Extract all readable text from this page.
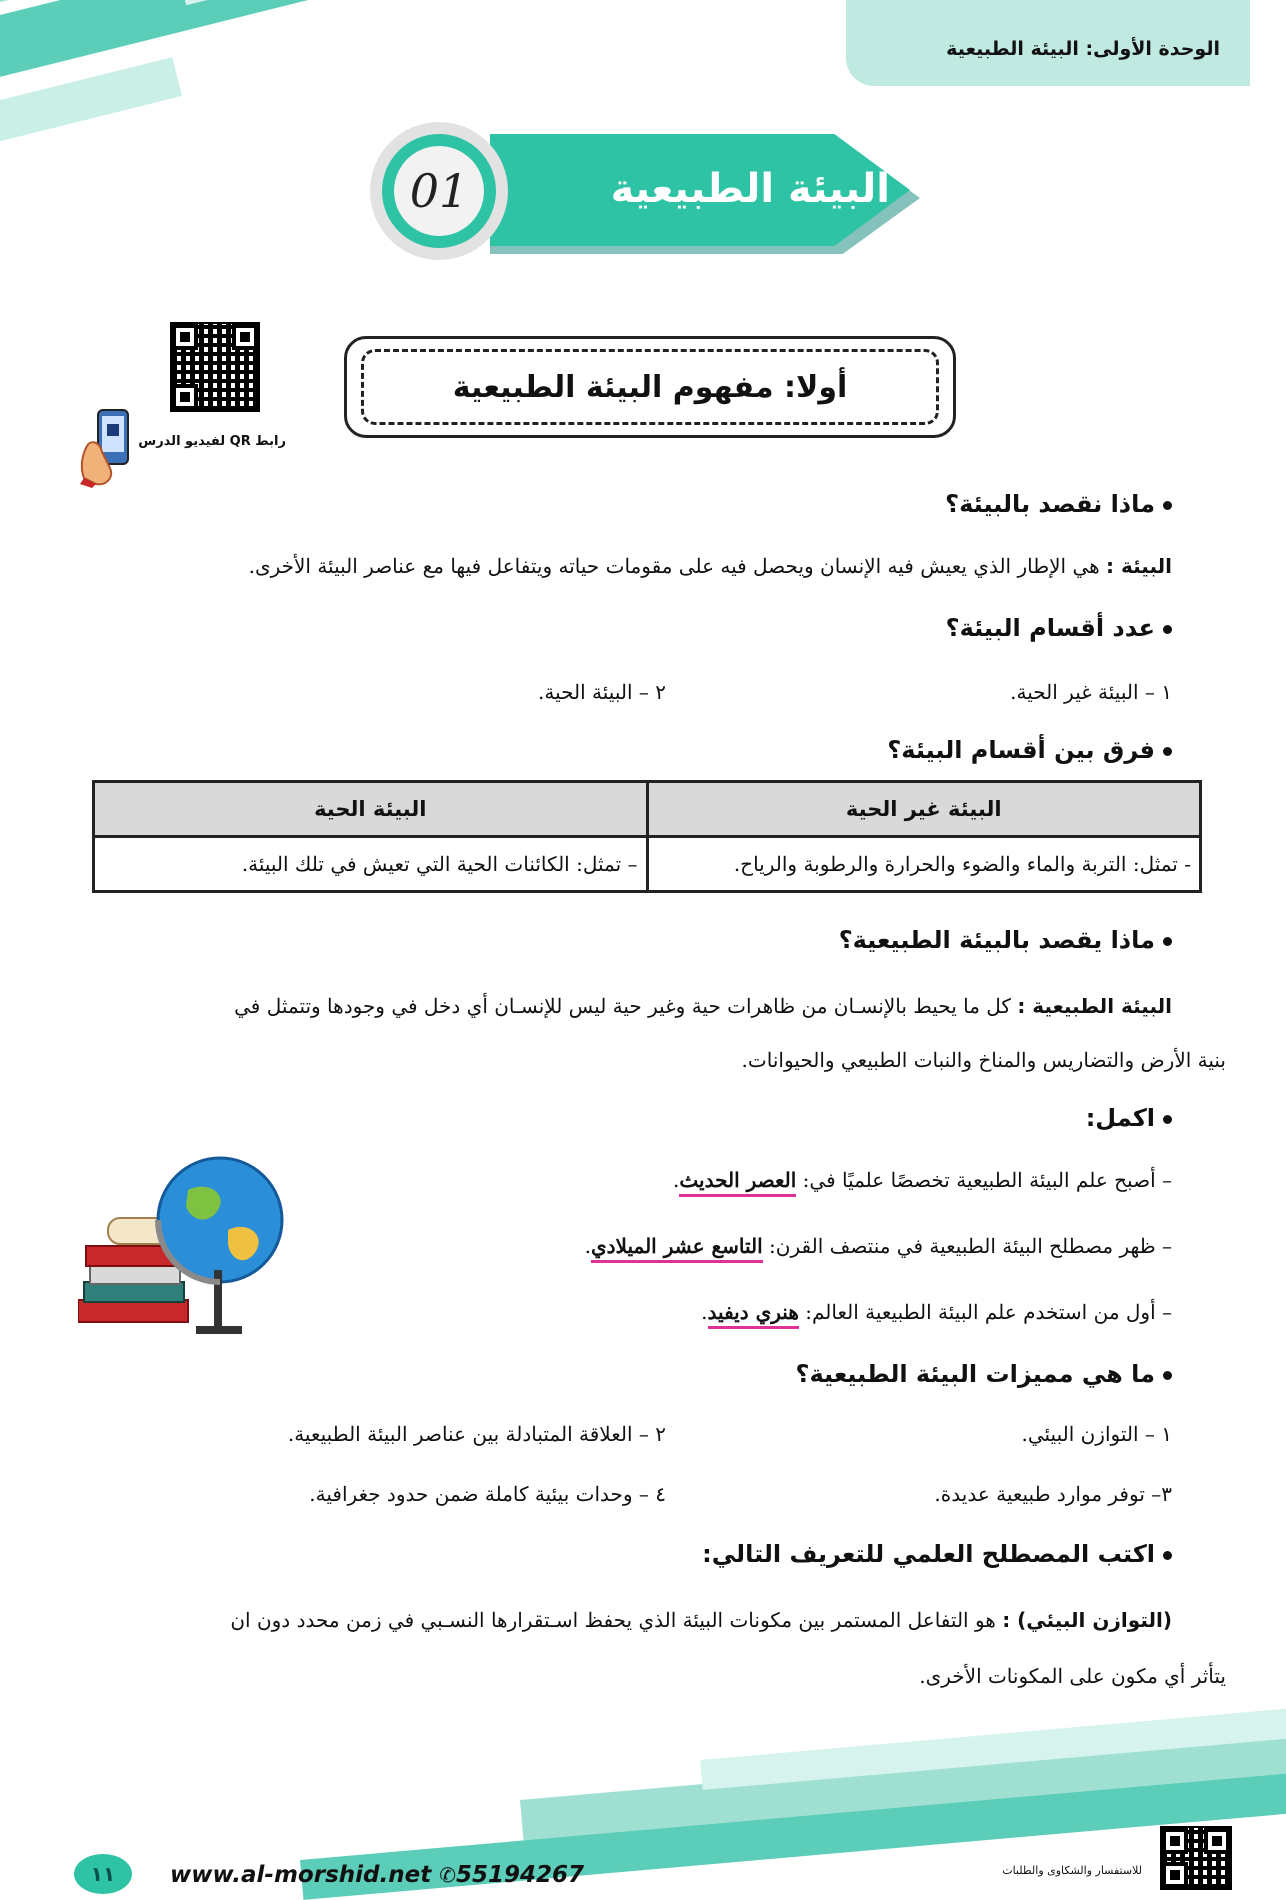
الوحدة الأولى: البيئة الطبيعية
البيئة الطبيعية
01
رابط QR لفيديو الدرس
أولا: مفهوم البيئة الطبيعية
ماذا نقصد بالبيئة؟
البيئة : هي الإطار الذي يعيش فيه الإنسان ويحصل فيه على مقومات حياته ويتفاعل فيها مع عناصر البيئة الأخرى.
عدد أقسام البيئة؟
١ – البيئة غير الحية.
٢ – البيئة الحية.
فرق بين أقسام البيئة؟
البيئة غير الحية	البيئة الحية
- تمثل: التربة والماء والضوء والحرارة والرطوبة والرياح.	– تمثل: الكائنات الحية التي تعيش في تلك البيئة.
ماذا يقصد بالبيئة الطبيعية؟
البيئة الطبيعية : كل ما يحيط بالإنسـان من ظاهرات حية وغير حية ليس للإنسـان أي دخل في وجودها وتتمثل في
بنية الأرض والتضاريس والمناخ والنبات الطبيعي والحيوانات.
اكمل:
– أصبح علم البيئة الطبيعية تخصصًا علميًا في: العصر الحديث.
– ظهر مصطلح البيئة الطبيعية في منتصف القرن: التاسع عشر الميلادي.
– أول من استخدم علم البيئة الطبيعية العالم: هنري ديفيد.
ما هي مميزات البيئة الطبيعية؟
١ – التوازن البيئي.
٢ – العلاقة المتبادلة بين عناصر البيئة الطبيعية.
٣– توفر موارد طبيعية عديدة.
٤ – وحدات بيئية كاملة ضمن حدود جغرافية.
اكتب المصطلح العلمي للتعريف التالي:
(التوازن البيئي) : هو التفاعل المستمر بين مكونات البيئة الذي يحفظ اسـتقرارها النسـبي في زمن محدد دون ان
يتأثر أي مكون على المكونات الأخرى.
١١	www.al-morshid.net ✆55194267	للاستفسار والشكاوى والطلبات
